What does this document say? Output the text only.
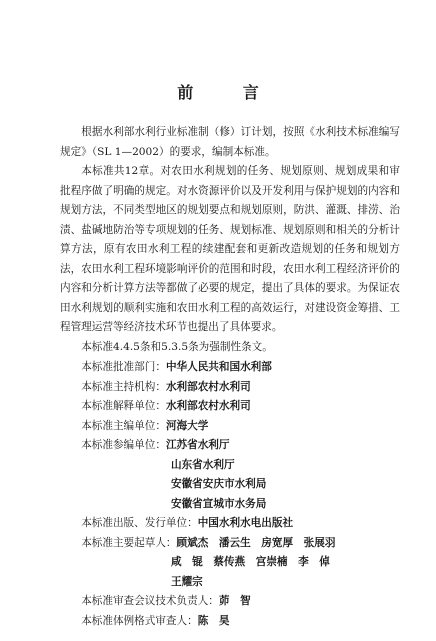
前 言

根据水利部水利行业标准制（修）订计划，按照《水利技术标准编写规定》（SL 1—2002）的要求，编制本标准。

本标准共12章。对农田水利规划的任务、规划原则、规划成果和审批程序做了明确的规定。对水资源评价以及开发利用与保护规划的内容和规划方法，不同类型地区的规划要点和规划原则，防洪、灌溉、排涝、治渍、盐碱地防治等专项规划的任务、规划标准、规划原则和相关的分析计算方法，原有农田水利工程的续建配套和更新改造规划的任务和规划方法，农田水利工程环境影响评价的范围和时段，农田水利工程经济评价的内容和分析计算方法等都做了必要的规定，提出了具体的要求。为保证农田水利规划的顺利实施和农田水利工程的高效运行，对建设资金筹措、工程管理运营等经济技术环节也提出了具体要求。

本标准4.4.5条和5.3.5条为强制性条文。

本标准批准部门：中华人民共和国水利部
本标准主持机构：水利部农村水利司
本标准解释单位：水利部农村水利司
本标准主编单位：河海大学
本标准参编单位：江苏省水利厅
山东省水利厅
安徽省安庆市水利局
安徽省宣城市水务局
本标准出版、发行单位：中国水利水电出版社
本标准主要起草人：顾斌杰　潘云生　房宽厚　张展羽
咸　锟　蔡传燕　宫崇楠　李　倬
王耀宗
本标准审查会议技术负责人：茆　智
本标准体例格式审查人：陈　昊
